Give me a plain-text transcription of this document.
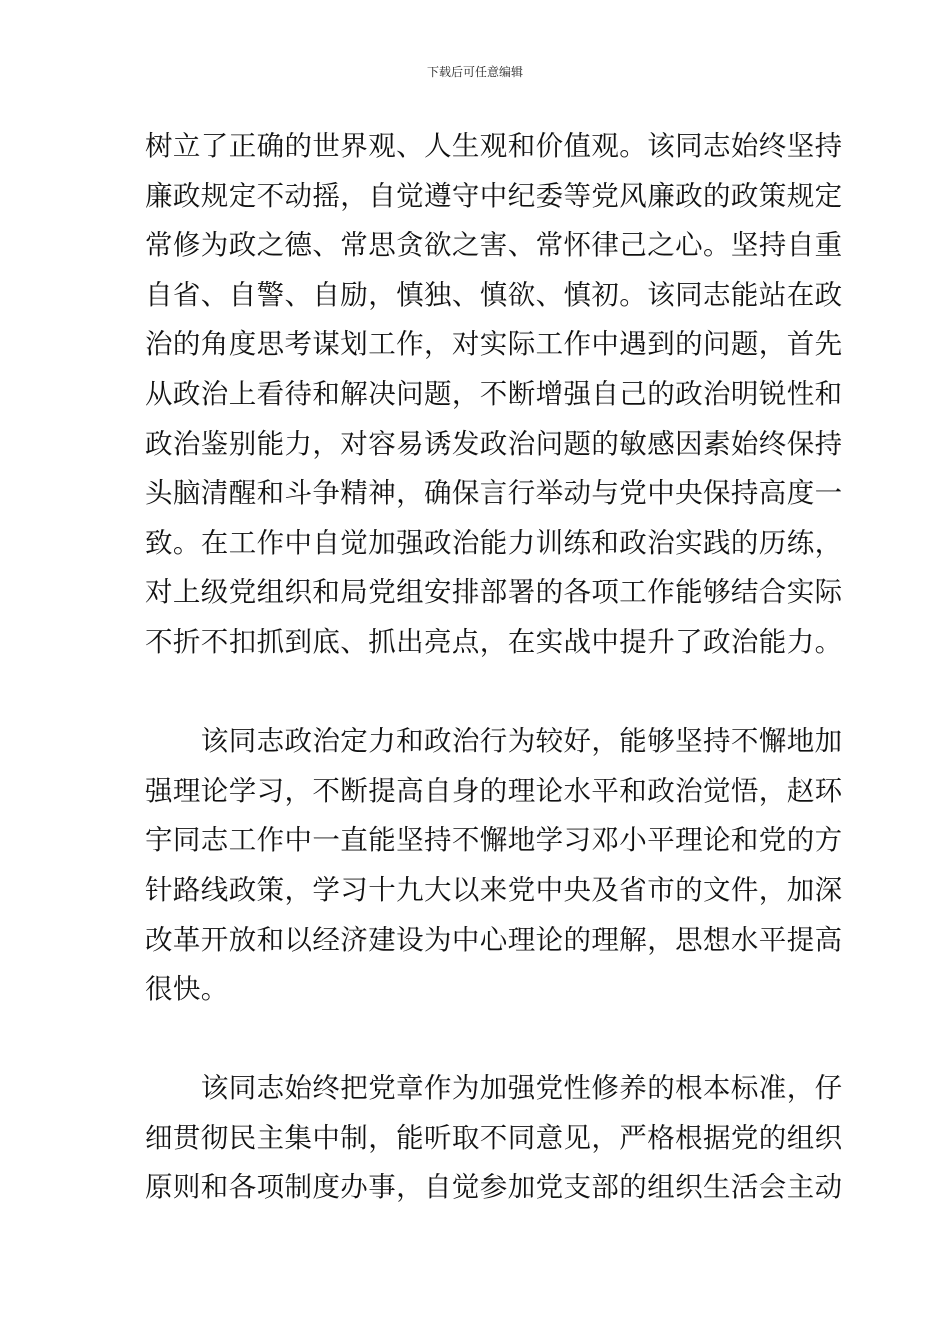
下载后可任意编辑
树立了正确的世界观、人生观和价值观。该同志始终坚持
廉政规定不动摇，自觉遵守中纪委等党风廉政的政策规定
常修为政之德、常思贪欲之害、常怀律己之心。坚持自重
自省、自警、自励，慎独、慎欲、慎初。该同志能站在政
治的角度思考谋划工作，对实际工作中遇到的问题，首先
从政治上看待和解决问题，不断增强自己的政治明锐性和
政治鉴别能力，对容易诱发政治问题的敏感因素始终保持
头脑清醒和斗争精神，确保言行举动与党中央保持高度一
致。在工作中自觉加强政治能力训练和政治实践的历练，
对上级党组织和局党组安排部署的各项工作能够结合实际
不折不扣抓到底、抓出亮点，在实战中提升了政治能力。
　　该同志政治定力和政治行为较好，能够坚持不懈地加
强理论学习，不断提高自身的理论水平和政治觉悟，赵环
宇同志工作中一直能坚持不懈地学习邓小平理论和党的方
针路线政策，学习十九大以来党中央及省市的文件，加深
改革开放和以经济建设为中心理论的理解，思想水平提高
很快。
　　该同志始终把党章作为加强党性修养的根本标准，仔
细贯彻民主集中制，能听取不同意见，严格根据党的组织
原则和各项制度办事，自觉参加党支部的组织生活会主动
